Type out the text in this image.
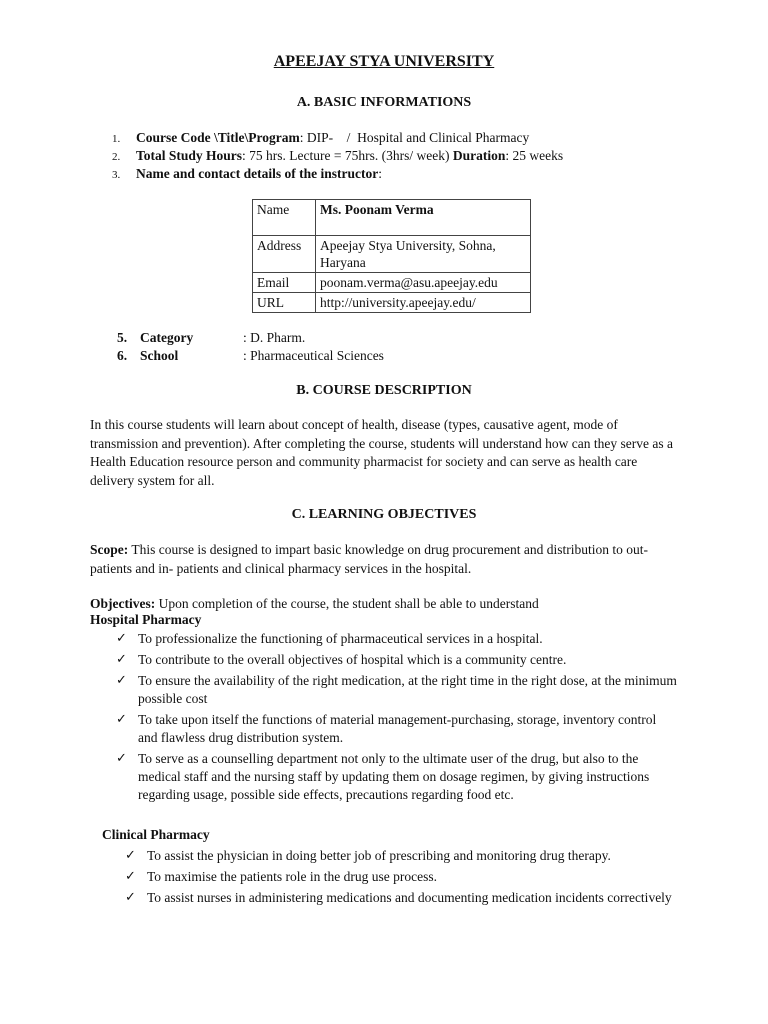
APEEJAY STYA UNIVERSITY
A. BASIC INFORMATIONS
1. Course Code \Title\Program: DIP-    /  Hospital and Clinical Pharmacy
2. Total Study Hours: 75 hrs. Lecture = 75hrs. (3hrs/ week) Duration: 25 weeks
3. Name and contact details of the instructor:
Name	Ms. Poonam Verma
Address	Apeejay Stya University, Sohna, Haryana
Email	poonam.verma@asu.apeejay.edu
URL	http://university.apeejay.edu/
5. Category	: D. Pharm.
6. School	: Pharmaceutical Sciences
B. COURSE DESCRIPTION
In this course students will learn about concept of health, disease (types, causative agent, mode of transmission and prevention). After completing the course, students will understand how can they serve as a Health Education resource person and community pharmacist for society and can serve as health care delivery system for all.
C. LEARNING OBJECTIVES
Scope: This course is designed to impart basic knowledge on drug procurement and distribution to out- patients and in- patients and clinical pharmacy services in the hospital.
Objectives: Upon completion of the course, the student shall be able to understand
Hospital Pharmacy
✓ To professionalize the functioning of pharmaceutical services in a hospital.
✓ To contribute to the overall objectives of hospital which is a community centre.
✓ To ensure the availability of the right medication, at the right time in the right dose, at the minimum possible cost
✓ To take upon itself the functions of material management-purchasing, storage, inventory control and flawless drug distribution system.
✓ To serve as a counselling department not only to the ultimate user of the drug, but also to the medical staff and the nursing staff by updating them on dosage regimen, by giving instructions regarding usage, possible side effects, precautions regarding food etc.
Clinical Pharmacy
✓ To assist the physician in doing better job of prescribing and monitoring drug therapy.
✓ To maximise the patients role in the drug use process.
✓ To assist nurses in administering medications and documenting medication incidents correctively
